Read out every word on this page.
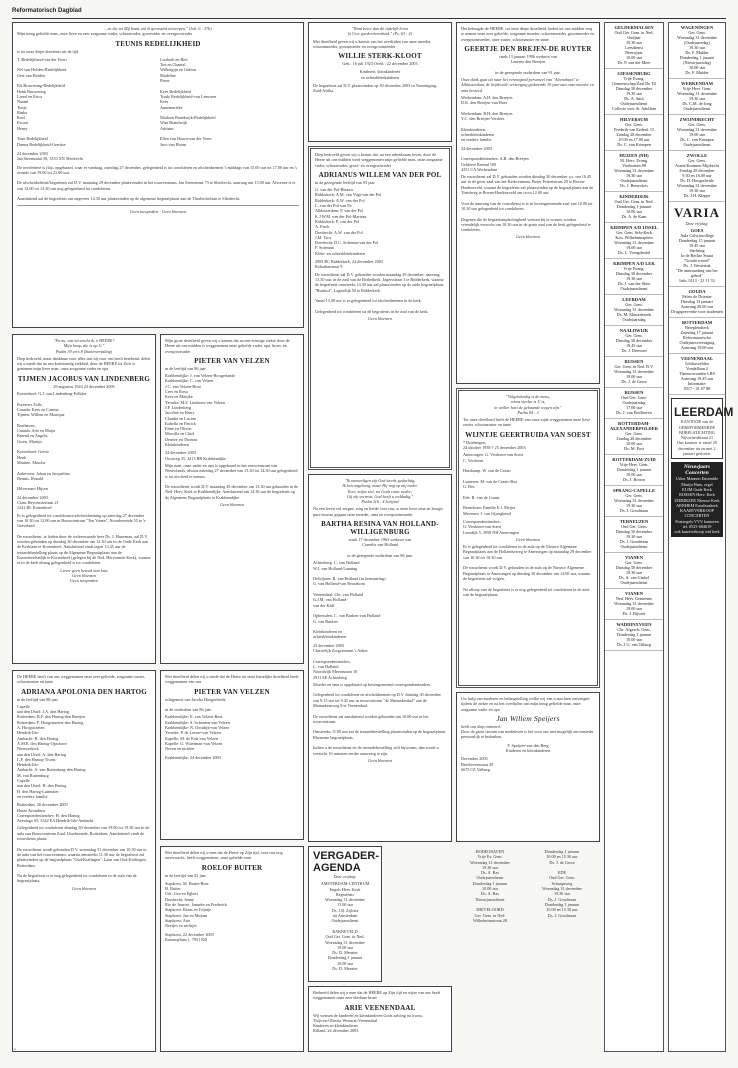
Reformatorisch Dagblad

...en die tot Mij komt, zal ik geenszins uitwerpen." (Joh. 6 : 37b)

Mijn innig geliefde man, onze lieve en zeer zorgzame vader, schoonvader, grootvader en overgrootvader

TEUNIS REDELIJKHEID

is tot onze diepe droefenis uit de tijd.

T. Redelijkheid-van der Voort

Nel van Holden-Redelijkheid
Gert van Holden

Els Bruwening-Redelijkheid
Henk Bruwening
Liesel en Erica
Naomi
Tonja
Binka
Roel
Ewout
Henry

Teun Redelijkheid
Dunna Redelijkheid-Gerritse
Liesbeth en Bert
Ton en Chantal
Wilbergijn en Gideon
Madeline
Pieter

Kees Redelijkheid
Trudy Redelijkheid-van Leeuwen
Kees
Annemarieke

Marleen Brandwijk-Redelijkheid
Wim Brandwijk
Adriaan

Ellen van Hoorn-van der Voort
Jaco van Hoorn

24 december 2003
Jan Steenstraat 58, 3353 XN Sliedrecht

De overledene is (bij» opgebaard, waar er vandaag, zaterdag 27 december, gelegenheid is tot condoleren en afscheidnemen 's middags van 15.00 uur tot 17.00 uur en 's avonds van 19.00 tot 21.00 uur.

De afscheidsdienst/begrafenis zal D.V. maandag 29 december plaatsvinden in het rouwcentrum, Jan Steenstraat 73 te Sliedrecht, aanvang om 13.00 uur. Alvorens is er van 13.00 tot 13.30 uur nog gelegenheid tot condoleren.

Aansluitend zal de begrafenis om ongeveer 14.30 uur plaatsvinden op de algemene begraafplaats aan de Thorbeckelaan te Sliedrecht.

Geen toespraken - Geen bloemen

"En nu, wat verwacht ik, o HEERE?
Mijn hoop, die is op U."
Psalm 39 vers 8 (Statenvertaling)

Diep bedroefd, maar dankbaar voor alles wat hij voor ons heeft betekend, delen wij u mede dat na een kortstondig ziekbed, door de HEERE tot Zich is genomen mijn lieve man, onze zorgzame vader en opa

TIJMEN JACOBUS VAN LINDENBERG

29 augustus 1924 24 december 2003

Kortenhoef: G.J. van Lindenberg-Folkker

Foresters Falls,
Canada: Kees en Catrina
Tijmen, Willem en Monique

Barrhaven,
Canada: Arie en Marja
Barend en Angela,
Gwen, Martijn

Kortenhoef: Gerrie
Henk
Martine, Mascha

Ankeveen: Johan en Jacqueline
Dennis, Ronald

Hilversum: Hijsen

24 december 2003
Claus Heycensterlaan 21
1241 BL Kortenhoef

Er is gelegenheid tot condoleance/afscheidneming op zaterdag 27 december van 10.30 tot 12.00 uur in Rouwcentrum "Ten Vonen", Noordereinde 55 te 's-Graveland.

De rouwdienst, te leiden door de weleerwaarde heer Ds. J. Harteman, zal D.V. worden gehouden op dinsdag 30 december om 12.30 uur in de Oude Kerk aan de Kerklaan te Kortenhoef. Aansluitend vindt tegen 13.45 uur de teraardebestelling plaats op de Algemene Begraafplaats aan de Kortenhoefsedijk te Kortenhoef (gelegen bij de Ned. Hervormde Kerk), waarna er in de kerk alsnog gelegenheid is tot condoleren.

Liever geen bezoek aan huis
Geen bloemen
Geen toespraken

De HEERE heeft van ons weggenomen onze zeer geliefde, zorgzame zuster, schoonzuster en tante

ADRIANA APOLONIA DEN HARTOG

in de leeftijd van 88 jaar.

Capelle
aan den IJssel: J.A. den Hartog
Rotterdam: B.F. den Hartog-den Breejen
Rotterdam: P. Hoogstraeten-den Hartog
A. Hoogstraeten
Hendrik-Ido-
Ambacht: H. den Hartog
A.M.E. den Hartog-Opschoor
Nieuwerkerk
aan den IJssel: A. den Hartog
L.F. den Hartog-Troost
Hendrik-Ido-
Ambacht: A. van Ruitenburg-den Hartog
M. van Ruitenburg
Capelle
aan den IJssel: H. den Hartog
H. den Hartog-Luttmaier
en verdere familie

Rotterdam, 26 december 2003
Huize Avondrust
Correspondentieadres: H. den Hartog
Aveniago 65, 3342 EA Hendrik-Ido-Ambacht

Gelegenheid tot condoleren dinsdag 30 december van 19.00 tot 19.30 uur in de aula van Rouwcentrum Zuid, IJsselmonde, Rotterdam. Aansluitend vindt de rouwdienst plaats.

De rouwdienst wordt gehouden D.V. woensdag 31 december om 10.30 uur in de aula van het rouwcentrum, waarna omstreeks 11.30 uur de begrafenis zal plaatsvinden op de begraafplaats "Oud-Kralingen", Laan van Oud-Kralingen, Rotterdam.

Na de begrafenis is er nog gelegenheid tot condoleren in de aula van de begraafplaats.

Geen bloemen

"Want beter dan dit tijdelijk leven
Is Uwe goedertierenheid." (Ps. 63 : 4)

Met droefheid geven wij u kennis van het overlijden van onze moeder, schoonmoeder, grootmoeder en overgrootmoeder

WILLIE STERK-KLOOT

Geb.: 16 juli 1923 Overl.: 22 december 2003

Kinderen, kleinkinderen
en achterkleinkinderen

De begrafenis zal D.V. plaatsvinden op 30 december 2003 in Vereeniging, Zuid-Afrika.

Mijn grote droefheid geven wij u kennis dat na een ernstige ziekte door de Heere uit ons midden is weggenomen onze geliefde vader, opa, broer, en overgrootvader

PIETER VAN VELZEN

in de leeftijd van 86 jaar.

Krabbendijke: J. van Velzen-Hoogerlande
Krabbendijke: C. van Velzen
J.C. van Velzen-Hout
Cees en Rosa
Kees en Marijke
Yerseke: M.S. Linthorst-van Velzen
J.P. Lindenberg
Jacoline en Harry
Claudia en Lucian
Isabella en Patrick
Eline en Olivier
Marcilla en Chiel
Deseire en Thomas
Kleinkinderen

24 december 2003
Oostweg 35, 4413 BR Krabbendijke

Mijn man, onze vader en opa is opgebaard in het rouwcentrum van Nieuwlands, alwaar zaterdag 27 december van 13.30 tot 14.30 uur gelegenheid is tot afscheid te nemen.

De rouwdienst wordt D.V. maandag 29 december om 13.30 uur gehouden in de Ned. Herv. Kerk te Krabbendijke. Aansluitend om 14.30 uur de begrafenis op de Algemene Begraafplaats te Krabbendijke.

Geen bloemen

Met droefheid delen wij u mede dat de Heere tot onze hartelijke droefheid heeft weggenomen van ons

PIETER VAN VELZEN

echtgenoot van Jacoba Hoogerheide

in de ouderdom van 86 jaar.

Krabbendijke: E. van Velzen-Boot
Krabbendijke: S. Schouten-van Velzen
Krabbendijke: N. Oostdijk-van Velzen
Yerseke: P. de Leeuw-van Velzen
Kapelle: M. de Kok-van Velzen
Kapelle: G. Waterman-van Velzen
Neven en nichten

Krabbendijke, 24 december 2003

Met droefheid delen wij u mee dat de Heere op Zijn tijd, voor ons nog onverwacht, heeft weggenomen, onze geliefde oom

ROELOF BUITER

in de leeftijd van 81 jaar.

Stapkorst: M. Buiter-Boer
H. Buiter
Urk: Geu en Egbert
Dordrecht: Jenny
Rio de Janeiro: Janneke en Frederick
Stapkorst: Klaas en Trijntje
Staphorst: Jan en Mirjam
Staphorst: Arie
Neefjes en nichtjes

Staphorst, 22 december 2003
Kastanjelaan 1, 7951 KD

Diep bedroefd geven wij u kennis dat, na een arbeidzaam leven, door de Heere uit ons midden werd weggenomen mijn geliefde man, onze zorgzame vader, schoonvader, groot- en overgrootvader

ADRIANUS WILLEM VAN DER POL

in de gezegende leeftijd van 93 jaar.

G. van der Pol-Blaauw
Ridderkerk: A.M. van Vugt-van der Pol
Ridderkerk: A.W. van der Pol
L. van der Pol-van Ee
Alblasserdam: P. van der Pol
K.J.W.M. van der Pol-Martens
Ridderkerk: P. van der Pol
A. Fiech
Dordrecht: A.W. van der Pol
J.M. Tacx
Dordrecht: D.C. Soleman-van der Pol
F. Soleman
Klein- en achterkleinkinderen

2983 BC Ridderkerk, 24 december 2003
Robadonstraat 9

De rouwdienst zal D.V. gehouden worden maandag 29 december, aanvang 13.30 uur, in de zaal van de Betheikerk, Jagersstraat 3 te Ridderkerk, waarna de begrafenis omstreeks 14.30 uur zal plaatsvinden op de oude begraafplaats "Rusthof", Lagendijk 50 te Ridderkerk.

Vanaf 13.00 uur is er gelegenheid tot afscheidnemen in de kerk.

Gelegenheid tot condoleren na de begrafenis in de zaal van de kerk.

Geen bloemen

"Ik onoozeltgen zijt God steeds gedachtig,
Ik ben ongelovig, maar Hij nog op mij neder.
Keer, mijne ziel, tot Gods ruste weder;
Gij zijt vertrost, God heeft u weldadig."
Psalm 116 : 4 berijmd

Na een leven vol zorgen, zorg en liefde voor ons, is onze lieve oma en hoogst pure bewust gegaan onze moeder, oma en overgrootmoeder

BARTHA RESINA VAN HOLLAND-WILLIGENBURG

sinds 17 december 1963 weduwe van
Cornelis van Holland

in de gezegende ouderdom van 86 jaar.

Achterberg: C. van Holland
W.J. van Holland-Lanning

Delwijnen: R. van Holland (in herinnering)
G. van Holland-van Beusekom

Veenendaal: Chr. van Holland
G.J.M. van Holland-
van der Kliff

Opheusden: C. van Burken-van Holland
G. van Burken

Kleinkinderen en
achterkleinkinderen

25 december 2003
Christelijk Zorgcentrum 't Anker

Correspondentieadres:
C. van Holland
Noordwijk Meentstraat 10
2911 SE Achterberg

Moeder en oma is opgebaard op bovengenoemd correspondentieadres.

Gelegenheid tot condoleren en afscheidnemen op D.V. dinsdag 30 december van 9.15 uur tot 9.45 uur in rouwcentrum "de Mannekenhof" aan de Mannekensweg 8 te Veenendaal.

De rouwdienst zal aansluitend worden gehouden om 10.00 uur in het rouwcentrum.

Omstreeks 11.00 uur zal de teraardebestelling plaatsvinden op de begraafplaats Rhenense begraafplaats.

Indien u de rouwdienst en de teraardebestelling wilt bijwonen, dan wordt u verzocht 10 minuten eerder aanwezig te zijn.

Geen bloemen

VERGADER-
AGENDA

Deze vrijdag:

AMSTERDAM-CENTRUM
Engels Herv. Kerk
Begrafenis
Woensdag 31 december
15.00 uur
Ds. J.B. Zijlstra
uit Amsterdam
Oudejaarsdienst

BARNEVELD
Oud Ger. Gem. in Ned.
Woensdag 31 december
19.00 uur
Ds. D. Menster
Donderdag 1 januari
10.00 uur
Ds. D. Menster

Bedroefd delen wij u mee dat de HEERE op Zijn tijd en wijze van ons heeft weggenomen onze zeer dierbare broer

ARIE VEENENDAAL

Wij wensen de kinderen en kleinkinderen Gods zalving tot troost.

Thijs-en-Oliecka Westsrat-Veenendaal
Kinderen en kleinkinderen

Rilland, 24 december 2003

Het behaagde de HEERE, tot onze diepe droefheid, heden uit ons midden weg te nemen onze zeer geliefde, zorgzame moeder, schoonmoeder, grootmoeder en overgrootmoeder, onze zuster, schoonzuster en tante

GEERTJE DEN BREJEN-DE RUYTER

sinds 13 januari 1996 weduwe van
Laurens den Breejen

in de gezegende ouderdom van 91 jaar.

Onze dank gaat uit naar het verzorgend personeel van "Altenahuys" te Alblasserdam, de liefdevolle verzorging gedurende 10 jaar aan onze moeder en oma besteed.

Werkendam: A.H. den Breejen
D.K. den Breejen-van Hees

Werkendam: B.H. den Breejen
Y.C. den Breejen-Verdoes

Kleinkinderen,
achterkleinkinderen
en verdere familie

24 december 2003

Correspondentieadres: A.B. den Breejen
Gelderse Beemd 109
4251 CA Werkendam

De rouwdienst zal D.V. gehouden worden dinsdag 30 december a.s. om 10.45 uur in de grote zaal van het Kerkcentrum, Pieter Pettertstraat 20 te Boven-Hardinxveld, waarna de begrafenis zal plaatsvinden op de begraafplaats aan de Tiendweg te Boven-Hardinxveld om circa 12.00 uur.

Voor de aanvang van de rouwdienst is er in bovengenoemde zaal van 10.00 tot 10.30 uur gelegenheid tot condoleren.

Degenen die de begrafenisplechtigheid wensen bij te wonen, worden vriendelijk verzocht om 10.30 uur in de grote zaal van de kerk gelegenheid te condoleren.

Geen bloemen

"Volgelukzalig is de mens,
wiens sterkte is U is,
in welker hart de gebaande wegen zijn."
Psalm 84 : 3

Tot onze droefheid heeft de HEERE van onze zijde weggenomen onze lieve zuster, schoonzuster en tante

WIJNTJE GEERTRUIDA VAN SOEST

* Driebergen,
24 oktober 1938 † 25 december 2003

Amerongen: G. Verdoorn-van Soest
C. Verdoorn

Harskamp: W. van de Craats

Lunteren: M. van de Craats-Boa
G. Bos

Ede: R. van de Craats

Benschom: Familie E.J. Meijer
Mevrouw J. van Gijzegheoel

Correspondentieadres:
G. Verdoorn-van Soest
Leusdijk 5, 3958 NH Amerongen

Geen bloemen

Er is gelegenheid tot condoleren in de aula op de Nieuwe Algemene Begraafplaats aan de Hollandseweg te Amerongen op maandag 29 december van 10.30 tot 10.30 uur.

De rouwdienst wordt D.V. gehouden in de aula op de Nieuwe Algemene Begraafplaats te Amerongen op dinsdag 30 december om 14.00 uur, waarna de begrafenis zal volgen.

Na afloop van de begrafenis is er nog gelegenheid tot condoleren in de aula van de begraafplaats.

Uw hulp van moderne en belangstelling welke wij van u mochten ontvangen tijdens de ziekte en na het overlijden van mijn innig geliefde man, onze zorgzame vader en opa

Jan Willem Speijers

heeft ons diep ontroerd.
Door de grote stroom van medeleven is het voor ons niet mogelijk om eenieder persoonlijk te bedanken.

F. Speijers-van den Berg
Kinderen en kleinkinderen

December 2003
Beethovenstraat 29
6675 CE Valburg

BODEGRAVEN
Vrije Ev. Gem.
Woensdag 31 december
19.30 uur
Ds. A. Bas
Oudejaarsdienst
Donderdag 1 januari
10.00 uur
Ds. A. Bas
Nieuwjaarsdienst

DRIVELOORD
Ger. Gem. in Ned.
Wilhelminastraat 28
Donderdag 1 januari
10.00 en 15.30 uur
Ds. J. de Groot

EDE
Oud Ger. Gem.
Schaapsweg
Woensdag 31 december
19.30 uur
Ds. J. Goudriaan
Donderdag 1 januari
10.00 en 15.30 uur
Ds. J. Goudriaan

GELDERMALSEN
Oud Ger. Gem. in Ned.
Oudjaar
19.30 uur
Leesdienst
Nieuwjaar
10.00 uur
Ds. P. van der Meer
GIESSENBURG
Vrije Evang.
Gemeenschap/Zaal De Til
Dinsdag 30 december
19.30 uur
Ds. A. Smit
Oudejaarsdienst
Collecte voor St. Adullam
HILVERSUM
Ger. Gem.
Frederik van Eedenl. 15
Zondag 28 december
10.00 en 17.00 uur
Ds. C. van Krimpen
HUIZEN (NH)
Nl. Herv. Evang.
Vierhuizen 88
Woensdag 31 december
19.30 uur
Oudejaarsdienst
Ds. J. Beeuwkes
KINDERDIJK
Oud Ger. Gem. in Ned.
Donderdag 1 januari
10.00 uur
Ds. A. de Kam
KRIMPEN A/D IJSSEL
Ger. Gem. Sefa-Kerk
Kon. Wilhelminaplein
Woensdag 31 december
19.00 uur
Ds. L. Vreugdenhil
KRIMPEN A/D LEK
Vrije Evang.
Dinsdag 30 december
19.30 uur
Ds. J. van der Sluis
Oudejaarsdienst
LEERDAM
Ger. Gem.
Woensdag 31 december
Ds. M. Mastenbroek
Oudejaarsdag
NAALDWIJK
Ger. Gem.
Dinsdag 30 december
19.45 uur
Ds. J. Driessen
RIJSSEN
Ger. Gem. in Ned. B.V.
Woensdag 31 december
19.00 uur
Ds. J. de Groot
RIJSSEN
Oud Ger. Gem.
Oudejaarsdag
17.00 uur
Ds. J. van Eindhoven
ROTTERDAM-ALEXANDERPOLDER
Ger. Gem.
Zondag 28 december
10.00 uur
Ds. M. Post
ROTTERDAM-ZUID
Vrije Herv. Gem.
Donderdag 1 januari
10.00 uur
Ds. J. Brown
SPRANG-CAPELLE
Ger. Gem.
Woensdag 31 december
19.30 uur
Ds. J. Goudriaan
TERNEUZEN
Oud Ger. Gem.
Dinsdag 30 december
19.30 uur
Ds. J. Goudriaan
Oudejaarsdienst
VIANEN
Ger. Gem.
Dinsdag 30 december
19.30 uur
Ds. A. van Ginkel
Oudejaarsdienst
VIANEN
Ned. Herv. Gemeente
Woensdag 31 december
19.00 uur
Ds. J. Bijvoet
WADDINXVEEN
Chr. Afgesch. Gem.
Donderdag 1 januari
10.00 uur
Ds. J.G. van Tilburg
WAGENINGEN
Ger. Gem.
Woensdag 31 december
(Oudejaarsdag)
19.30 uur
Ds. F. Mulder
Donderdag 1 januari
(Nieuwjaarsdag)
10.00 uur
Ds. F. Mulder
WERKENDAM
Vrije Herv. Gem.
Woensdag 31 december
19.30 uur
Ds. C.M. de Jong
Oudejaarsdienst
ZWIJNDRECHT
Ger. Gem.
Woensdag 31 december
19.00 uur
Ds. C. van Krimpen
Oudejaarsdienst
ZWOLLE
Ger. Gem.
Assen/Kromme Mijdrecht
Zondag 28 december
9.30 en 16.00 uur
Ds. D. Hoogerheide
Woensdag 31 december
19.30 uur
Ds. J.H. Kleppe
VARIA

Deze vrijdag:

GOES
Aula Calvijncollege
Donderdag 15 januari
19.45 uur
Stichting
In de Rechte Straat
"Gouda woord"
Ds. J. Westerink
"De aanvaarding van het gebed"
Info: 0113 - 21 11 33
GOUDA
Paleis de Driestar
Dinsdag 13 januari
Aanvang 20.00 uur
Drugspreventie voor studenten
BOTTERDAM
Breepleinkerk
Zaterdag 17 januari
Reformatorische Oudejaarsvereniging
Aanvang 19.00 uur
VEENENDAAL
Ichthusvelden
Vondellaan 4
Thema-avonden LRS
Aanvang 19.45 uur
Informatie:
0317 - 41 07 88
LEERDAM

KANTOOR van de GEREFORMEERDE BIJBELSTICHTING
Nijverheidstraat 21
Ons kantoor is vanaf 29 december tot en met 2 januari gesloten.

Nieuwjaars Concerten

Urker Mannen Ensemble
Marijn Haas, orgel
ELIM Oude Kerk
RIJSSEN Herv. Kerk
ZIERIKZEE Nieuwe Kerk
ARNHEM Eusebiuskerk
KAARTVERKOOP CONCERTEN
Postzegels VVV kantoren
tel. 0525-684619
ook kaartverkoop wid kerk

•
